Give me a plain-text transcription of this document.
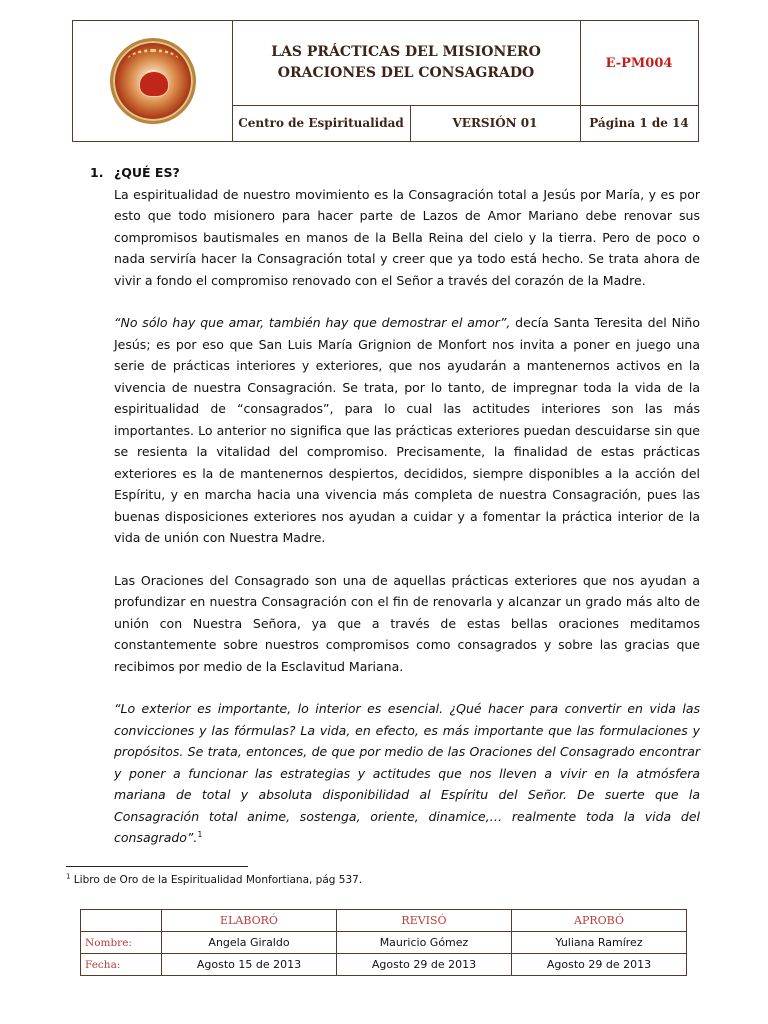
LAS PRÁCTICAS DEL MISIONERO
ORACIONES DEL CONSAGRADO
E-PM004
Centro de Espiritualidad	VERSIÓN 01	Página 1 de 14

1. ¿QUÉ ES?

La espiritualidad de nuestro movimiento es la Consagración total a Jesús por María, y es por esto que todo misionero para hacer parte de Lazos de Amor Mariano debe renovar sus compromisos bautismales en manos de la Bella Reina del cielo y la tierra. Pero de poco o nada serviría hacer la Consagración total y creer que ya todo está hecho. Se trata ahora de vivir a fondo el compromiso renovado con el Señor a través del corazón de la Madre.

“No sólo hay que amar, también hay que demostrar el amor”, decía Santa Teresita del Niño Jesús; es por eso que San Luis María Grignion de Monfort nos invita a poner en juego una serie de prácticas interiores y exteriores, que nos ayudarán a mantenernos activos en la vivencia de nuestra Consagración. Se trata, por lo tanto, de impregnar toda la vida de la espiritualidad de “consagrados”, para lo cual las actitudes interiores son las más importantes. Lo anterior no significa que las prácticas exteriores puedan descuidarse sin que se resienta la vitalidad del compromiso. Precisamente, la finalidad de estas prácticas exteriores es la de mantenernos despiertos, decididos, siempre disponibles a la acción del Espíritu, y en marcha hacia una vivencia más completa de nuestra Consagración, pues las buenas disposiciones exteriores nos ayudan a cuidar y a fomentar la práctica interior de la vida de unión con Nuestra Madre.

Las Oraciones del Consagrado son una de aquellas prácticas exteriores que nos ayudan a profundizar en nuestra Consagración con el fin de renovarla y alcanzar un grado más alto de unión con Nuestra Señora, ya que a través de estas bellas oraciones meditamos constantemente sobre nuestros compromisos como consagrados y sobre las gracias que recibimos por medio de la Esclavitud Mariana.

“Lo exterior es importante, lo interior es esencial. ¿Qué hacer para convertir en vida las convicciones y las fórmulas? La vida, en efecto, es más importante que las formulaciones y propósitos. Se trata, entonces, de que por medio de las Oraciones del Consagrado encontrar y poner a funcionar las estrategias y actitudes que nos lleven a vivir en la atmósfera mariana de total y absoluta disponibilidad al Espíritu del Señor. De suerte que la Consagración total anime, sostenga, oriente, dinamice,… realmente toda la vida del consagrado”.$^1$

$^1$ Libro de Oro de la Espiritualidad Monfortiana, pág 537.
	ELABORÓ	REVISÓ	APROBÓ
Nombre:	Angela Giraldo	Mauricio Gómez	Yuliana Ramírez
Fecha:	Agosto 15 de 2013	Agosto 29 de 2013	Agosto 29 de 2013
